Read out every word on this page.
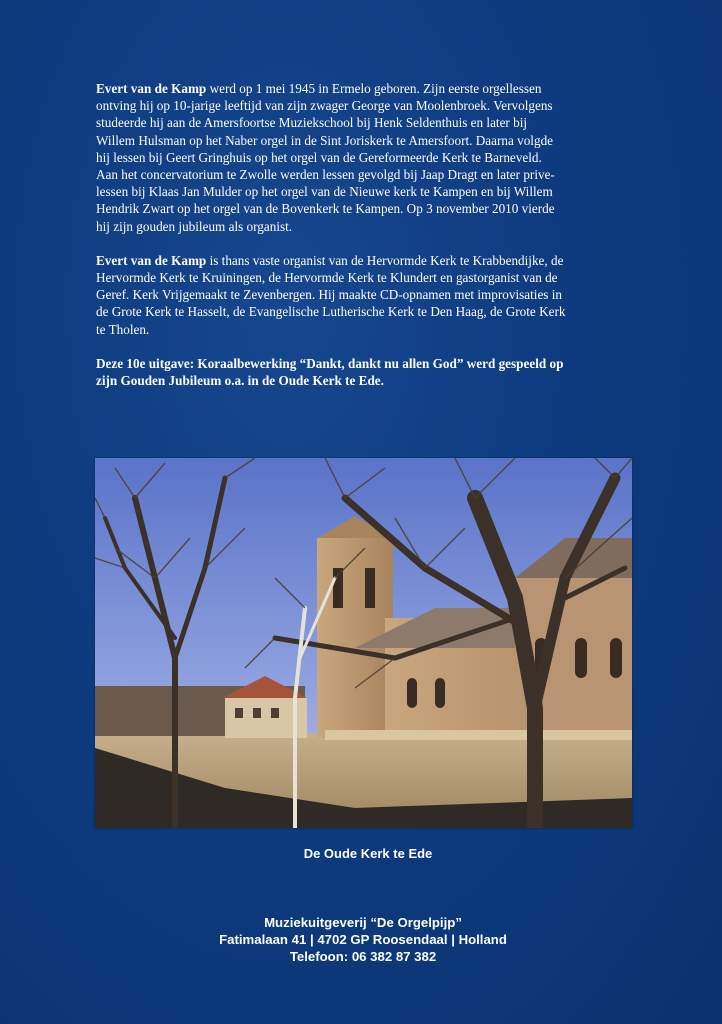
Evert van de Kamp werd op 1 mei 1945 in Ermelo geboren. Zijn eerste orgellessen ontving hij op 10-jarige leeftijd van zijn zwager George van Moolenbroek. Vervolgens studeerde hij aan de Amersfoortse Muziekschool bij Henk Seldenthuis en later bij Willem Hulsman op het Naber orgel in de Sint Joriskerk te Amersfoort. Daarna volgde hij lessen bij Geert Gringhuis op het orgel van de Gereformeerde Kerk te Barneveld. Aan het concervatorium te Zwolle werden lessen gevolgd bij Jaap Dragt en later prive-lessen bij Klaas Jan Mulder op het orgel van de Nieuwe kerk te Kampen en bij Willem Hendrik Zwart op het orgel van de Bovenkerk te Kampen. Op 3 november 2010 vierde hij zijn gouden jubileum als organist.

Evert van de Kamp is thans vaste organist van de Hervormde Kerk te Krabbendijke, de Hervormde Kerk te Kruiningen, de Hervormde Kerk te Klundert en gastorganist van de Geref. Kerk Vrijgemaakt te Zevenbergen. Hij maakte CD-opnamen met improvisaties in de Grote Kerk te Hasselt, de Evangelische Lutherische Kerk te Den Haag, de Grote Kerk te Tholen.

Deze 10e uitgave: Koraalbewerking “Dankt, dankt nu allen God” werd gespeeld op zijn Gouden Jubileum o.a. in de Oude Kerk te Ede.

De Oude Kerk te Ede
Muziekuitgeverij “De Orgelpijp”
Fatimalaan 41 | 4702 GP Roosendaal | Holland
Telefoon: 06 382 87 382
